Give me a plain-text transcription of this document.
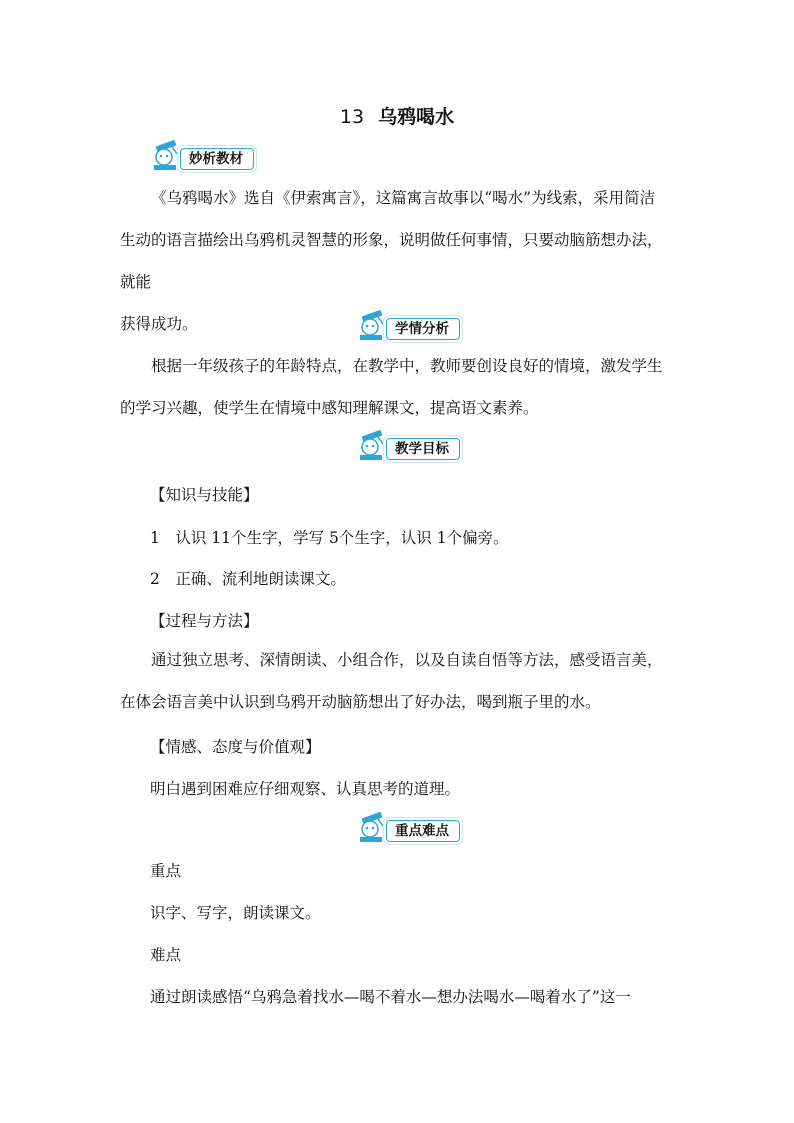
13 乌鸦喝水
妙析教材
《乌鸦喝水》选自《伊索寓言》，这篇寓言故事以“喝水”为线索，采用简洁
生动的语言描绘出乌鸦机灵智慧的形象，说明做任何事情，只要动脑筋想办法， 就能
获得成功。	学情分析
根据一年级孩子的年龄特点，在教学中，教师要创设良好的情境，激发学生
的学习兴趣，使学生在情境中感知理解课文，提高语文素养。
教学目标
【知识与技能】
1　认识 11个生字，学写 5个生字，认识 1个偏旁。
2　正确、流利地朗读课文。
【过程与方法】
通过独立思考、深情朗读、小组合作，以及自读自悟等方法，感受语言美，
在体会语言美中认识到乌鸦开动脑筋想出了好办法，喝到瓶子里的水。
【情感、态度与价值观】
明白遇到困难应仔细观察、认真思考的道理。
重点难点
重点
识字、写字，朗读课文。
难点
通过朗读感悟“乌鸦急着找水—喝不着水—想办法喝水—喝着水了”这一
